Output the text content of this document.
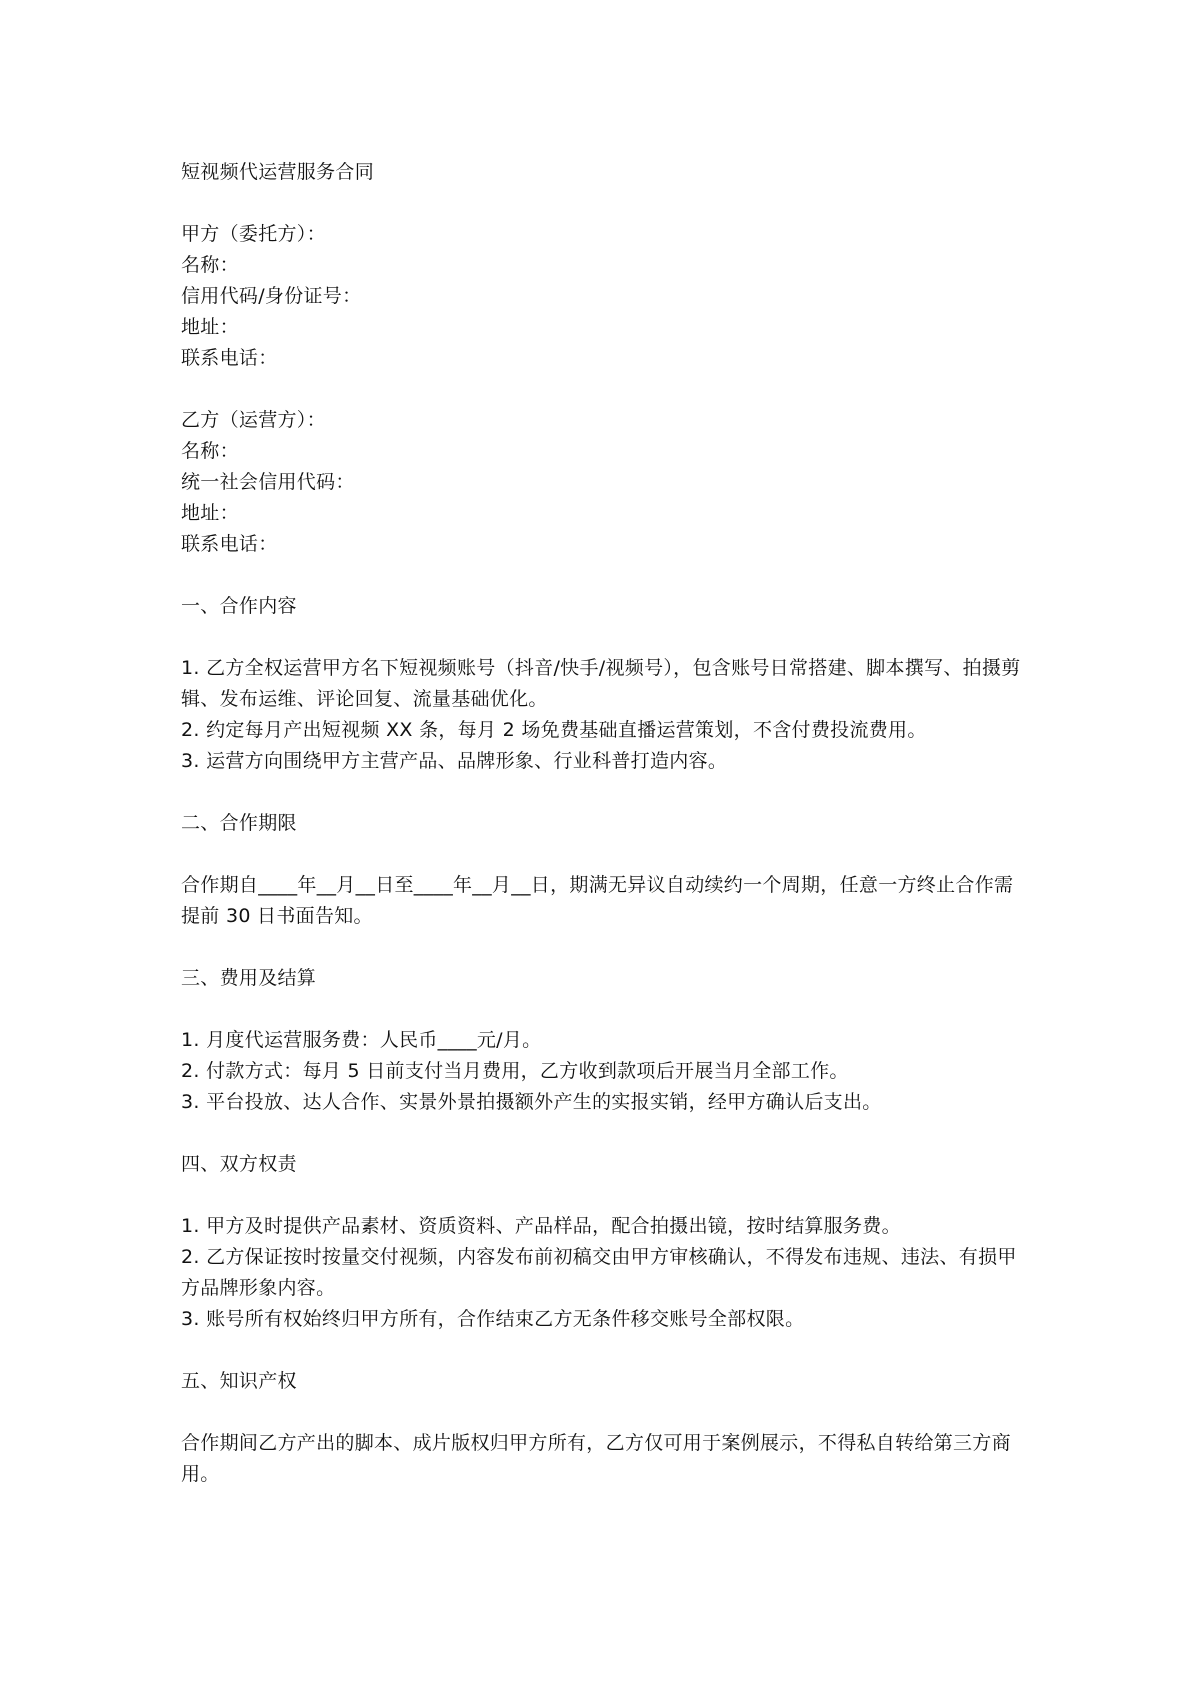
短视频代运营服务合同

甲方（委托方）：

名称：

信用代码/身份证号：

地址：

联系电话：

乙方（运营方）：

名称：

统一社会信用代码：

地址：

联系电话：

一、合作内容

1. 乙方全权运营甲方名下短视频账号（抖音/快手/视频号），包含账号日常搭建、脚本撰写、拍摄剪辑、发布运维、评论回复、流量基础优化。

2. 约定每月产出短视频 XX 条，每月 2 场免费基础直播运营策划，不含付费投流费用。

3. 运营方向围绕甲方主营产品、品牌形象、行业科普打造内容。

二、合作期限

合作期自____年__月__日至____年__月__日，期满无异议自动续约一个周期，任意一方终止合作需提前 30 日书面告知。

三、费用及结算

1. 月度代运营服务费：人民币____元/月。

2. 付款方式：每月 5 日前支付当月费用，乙方收到款项后开展当月全部工作。

3. 平台投放、达人合作、实景外景拍摄额外产生的实报实销，经甲方确认后支出。

四、双方权责

1. 甲方及时提供产品素材、资质资料、产品样品，配合拍摄出镜，按时结算服务费。

2. 乙方保证按时按量交付视频，内容发布前初稿交由甲方审核确认，不得发布违规、违法、有损甲方品牌形象内容。

3. 账号所有权始终归甲方所有，合作结束乙方无条件移交账号全部权限。

五、知识产权

合作期间乙方产出的脚本、成片版权归甲方所有，乙方仅可用于案例展示，不得私自转给第三方商用。
